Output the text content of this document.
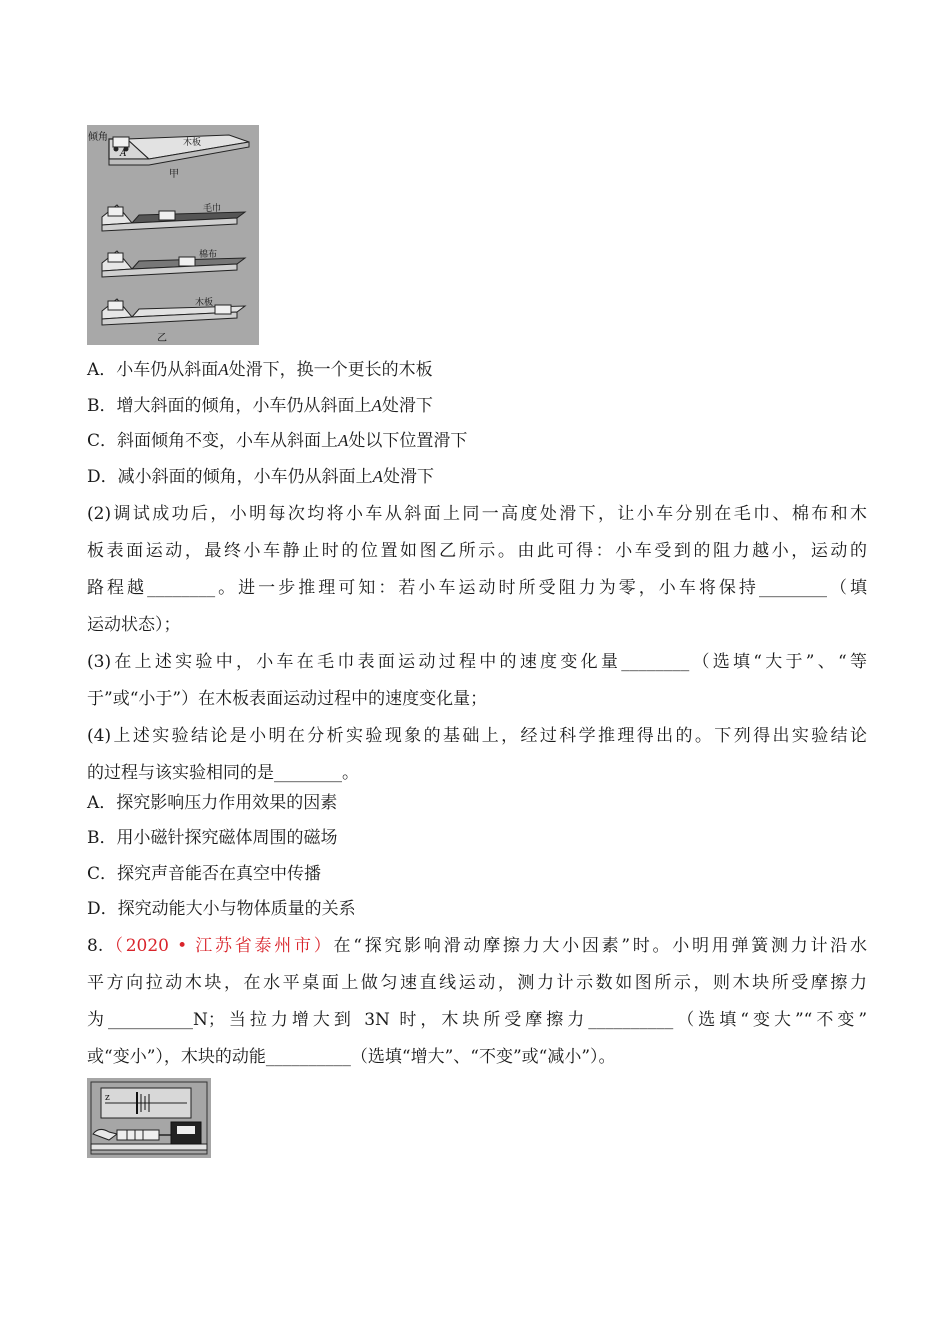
倾角
A
木板
甲
毛巾
棉布
木板
乙
A．小车仍从斜面A处滑下，换一个更长的木板
B．增大斜面的倾角，小车仍从斜面上A处滑下
C．斜面倾角不变，小车从斜面上A处以下位置滑下
D．减小斜面的倾角，小车仍从斜面上A处滑下
(2)调试成功后，小明每次均将小车从斜面上同一高度处滑下，让小车分别在毛巾、棉布和木
板表面运动，最终小车静止时的位置如图乙所示。由此可得：小车受到的阻力越小，运动的
路程越________。进一步推理可知：若小车运动时所受阻力为零，小车将保持________（填
运动状态）；
(3)在上述实验中，小车在毛巾表面运动过程中的速度变化量________（选填“大于”、“等
于”或“小于”）在木板表面运动过程中的速度变化量；
(4)上述实验结论是小明在分析实验现象的基础上，经过科学推理得出的。下列得出实验结论
的过程与该实验相同的是________。
A．探究影响压力作用效果的因素
B．用小磁针探究磁体周围的磁场
C．探究声音能否在真空中传播
D．探究动能大小与物体质量的关系
8.（2020 • 江苏省泰州市）在“探究影响滑动摩擦力大小因素”时。小明用弹簧测力计沿水
平方向拉动木块，在水平桌面上做匀速直线运动，测力计示数如图所示，则木块所受摩擦力
为__________N；当拉力增大到 3N 时，木块所受摩擦力__________（选填“变大”“不变”
或“变小”），木块的动能__________（选填“增大”、“不变”或“减小”）。
z
